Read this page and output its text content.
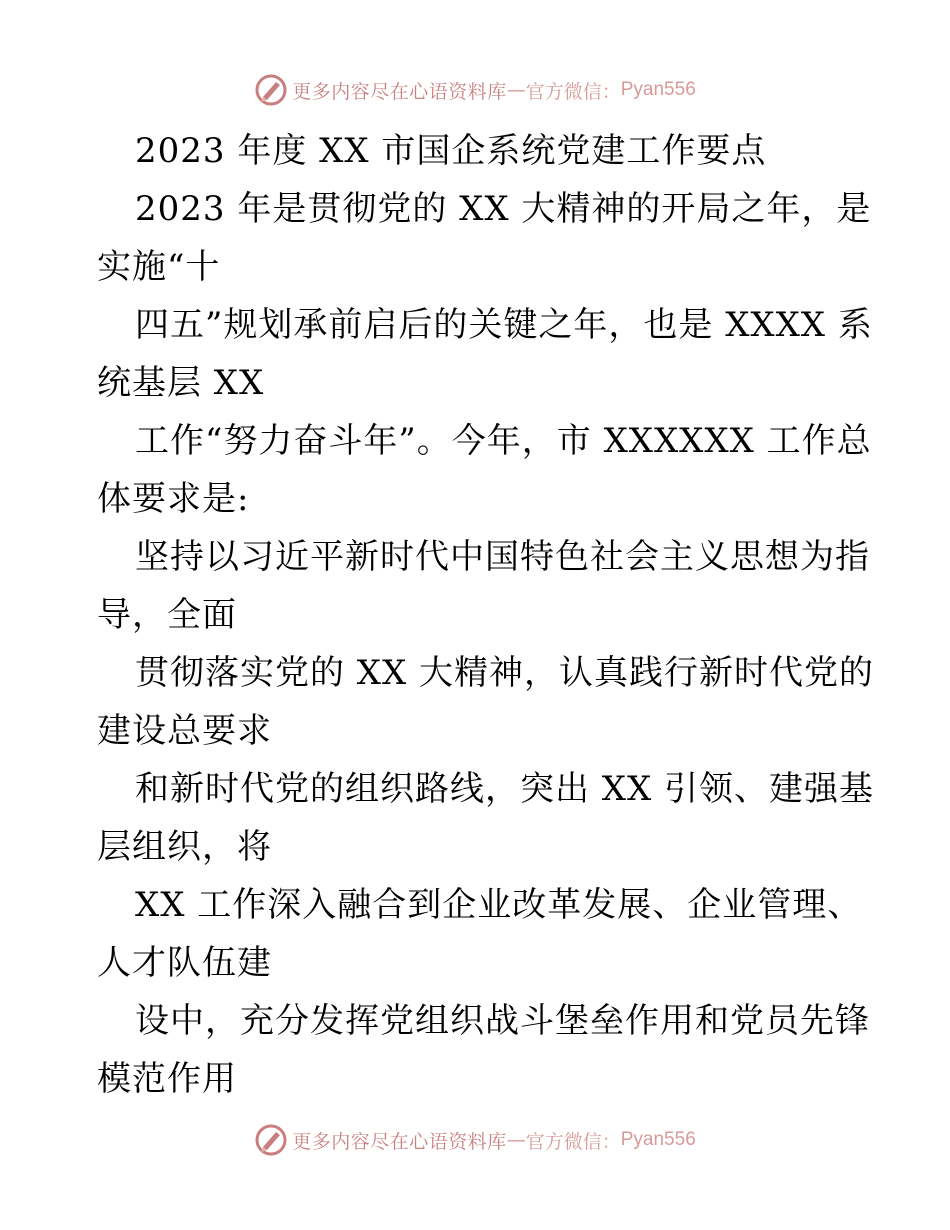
更多内容尽在心语资料库 — 官方微信： Pyan556
2023 年度 XX 市国企系统党建工作要点
2023 年是贯彻党的 XX 大精神的开局之年，是
实施“十
四五”规划承前启后的关键之年，也是 XXXX 系
统基层 XX
工作“努力奋斗年”。今年，市 XXXXXX 工作总
体要求是:
坚持以习近平新时代中国特色社会主义思想为指
导，全面
贯彻落实党的 XX 大精神，认真践行新时代党的
建设总要求
和新时代党的组织路线，突出 XX 引领、建强基
层组织，将
XX 工作深入融合到企业改革发展、企业管理、
人才队伍建
设中，充分发挥党组织战斗堡垒作用和党员先锋
模范作用
更多内容尽在心语资料库 — 官方微信： Pyan556
